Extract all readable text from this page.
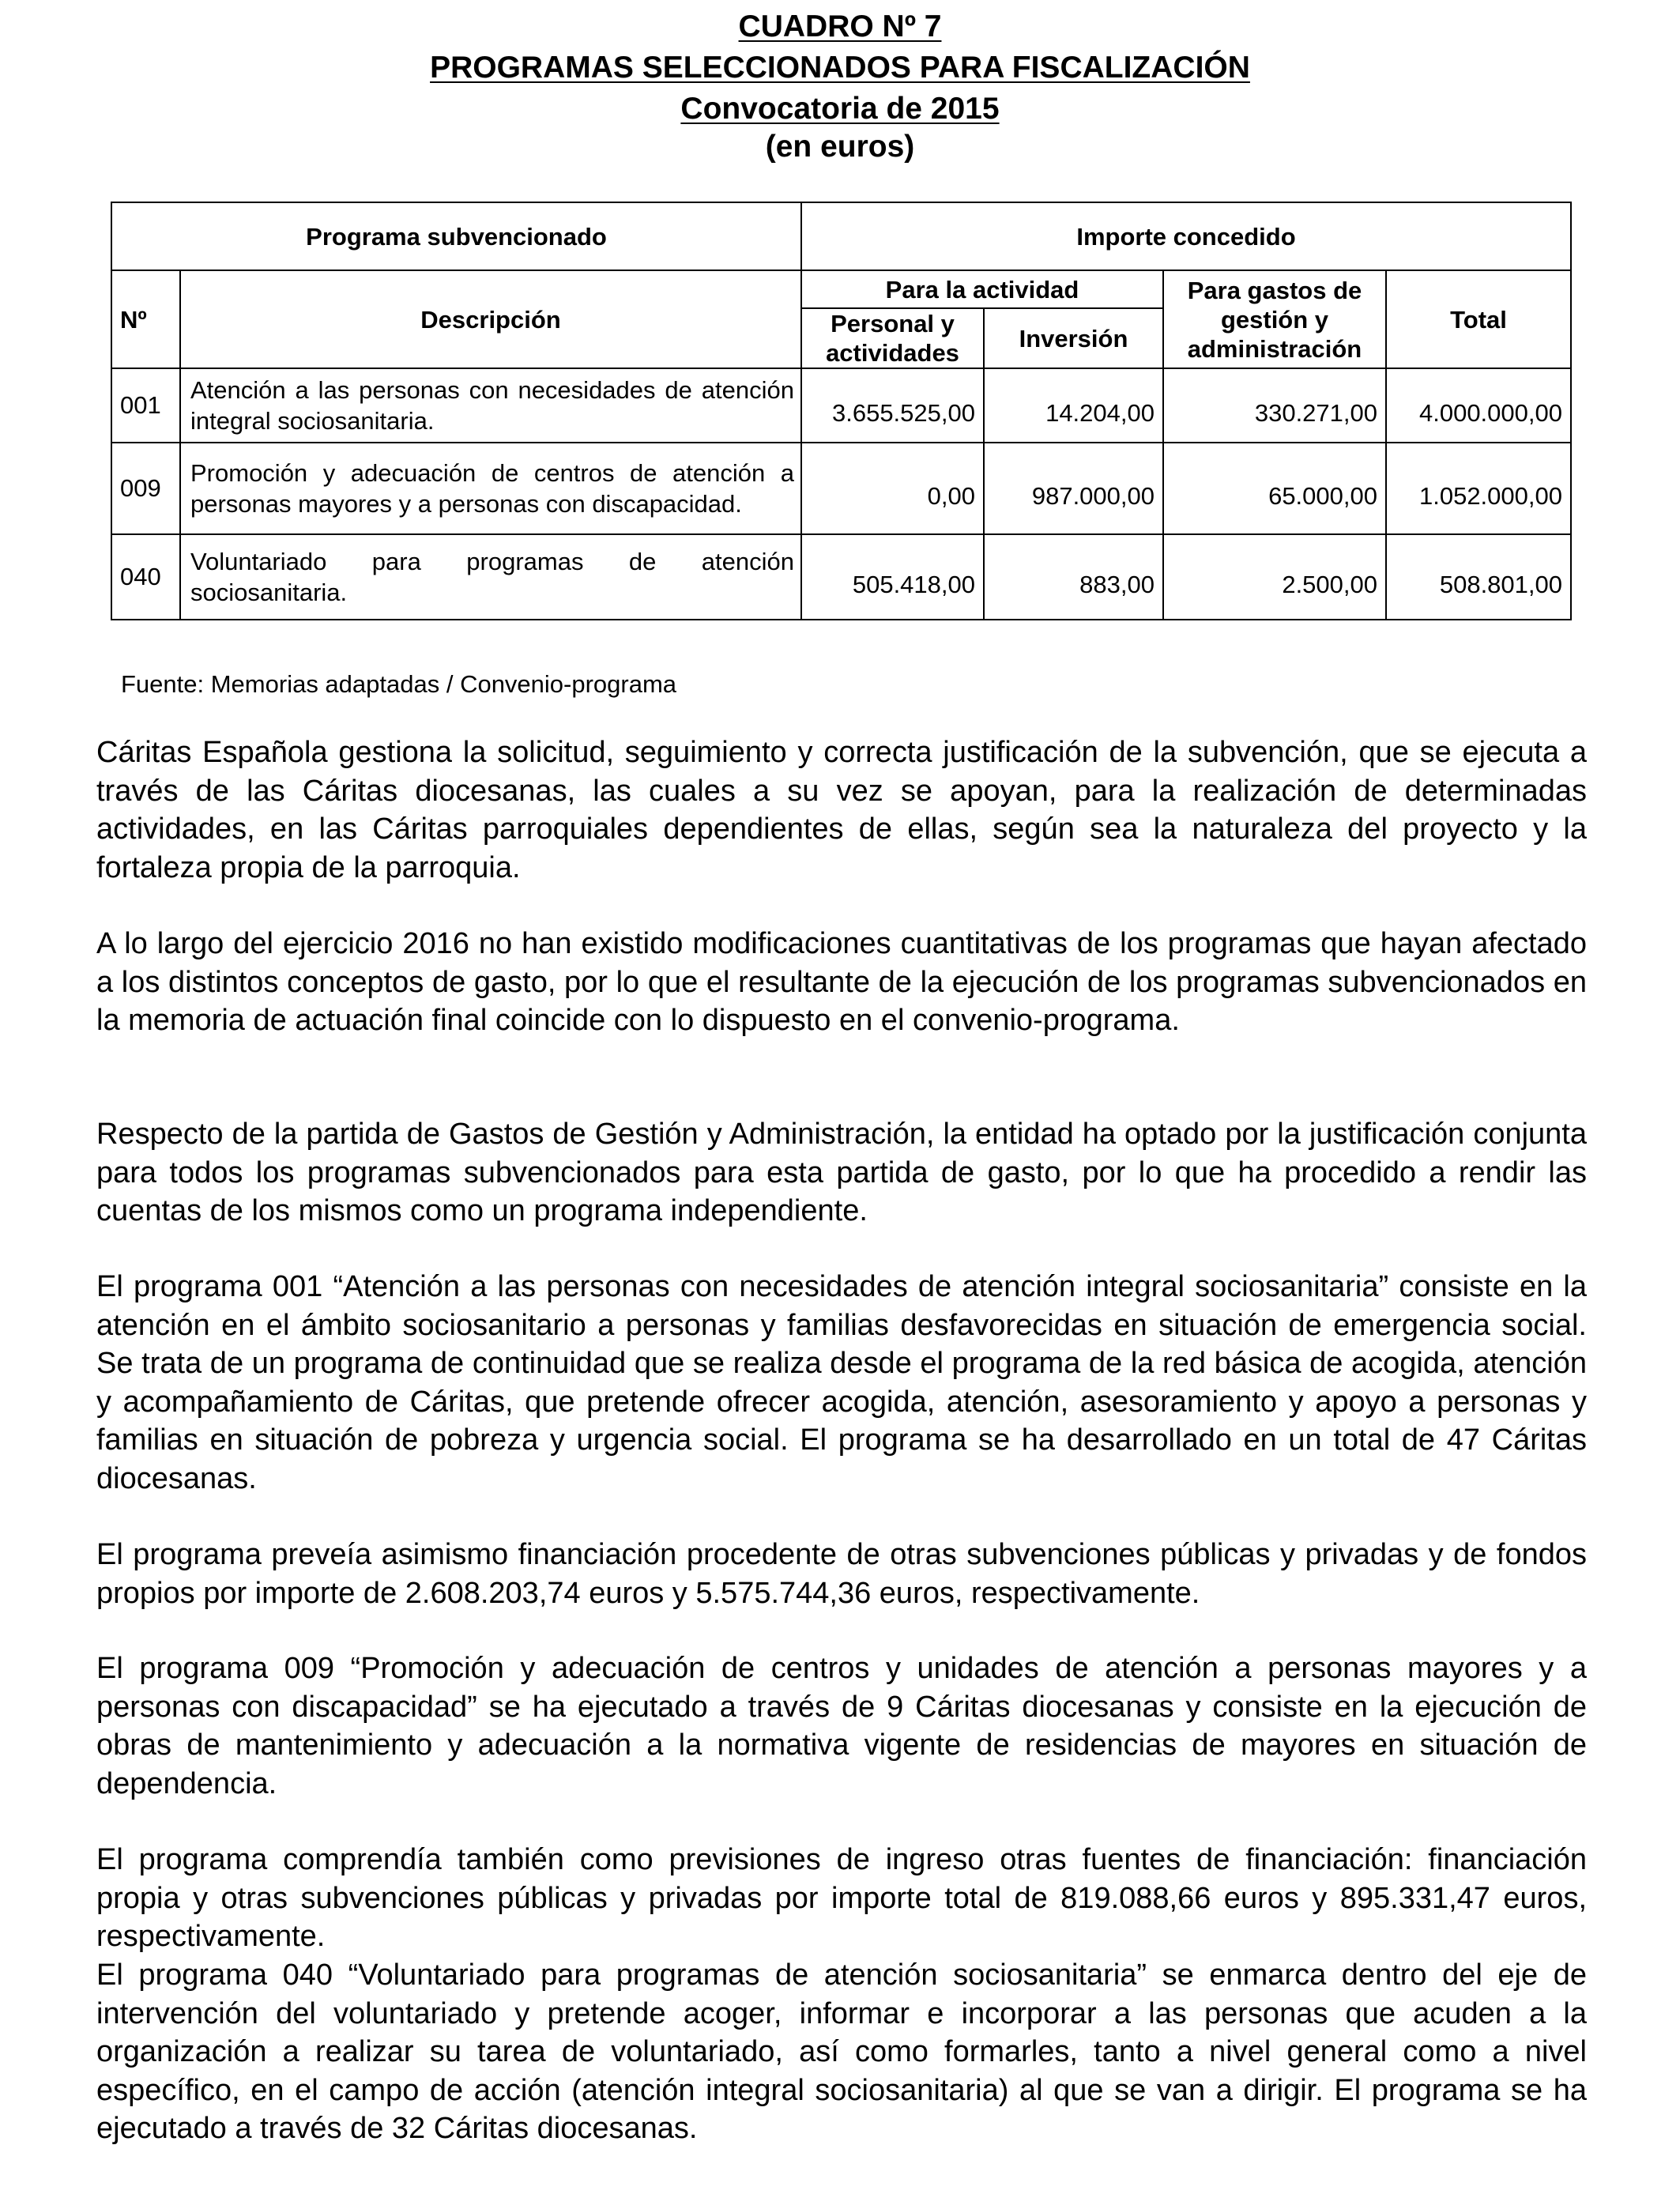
CUADRO Nº 7
PROGRAMAS SELECCIONADOS PARA FISCALIZACIÓN
Convocatoria de 2015
(en euros)
Programa subvencionado		Importe concedido			
Nº	Descripción	Para la actividad		Para gastos de gestión y administración	Total
		Personal y actividades	Inversión		
001	Atención a las personas con necesidades de atención integral sociosanitaria.	3.655.525,00	14.204,00	330.271,00	4.000.000,00
009	Promoción y adecuación de centros de atención a personas mayores y a personas con discapacidad.	0,00	987.000,00	65.000,00	1.052.000,00
040	Voluntariado para programas de atención sociosanitaria.	505.418,00	883,00	2.500,00	508.801,00
Fuente: Memorias adaptadas / Convenio-programa

Cáritas Española gestiona la solicitud, seguimiento y correcta justificación de la subvención, que se ejecuta a través de las Cáritas diocesanas, las cuales a su vez se apoyan, para la realización de determinadas actividades, en las Cáritas parroquiales dependientes de ellas, según sea la naturaleza del proyecto y la fortaleza propia de la parroquia.

A lo largo del ejercicio 2016 no han existido modificaciones cuantitativas de los programas que hayan afectado a los distintos conceptos de gasto, por lo que el resultante de la ejecución de los programas subvencionados en la memoria de actuación final coincide con lo dispuesto en el convenio-programa.

Respecto de la partida de Gastos de Gestión y Administración, la entidad ha optado por la justificación conjunta para todos los programas subvencionados para esta partida de gasto, por lo que ha procedido a rendir las cuentas de los mismos como un programa independiente.

El programa 001 “Atención a las personas con necesidades de atención integral sociosanitaria” consiste en la atención en el ámbito sociosanitario a personas y familias desfavorecidas en situación de emergencia social. Se trata de un programa de continuidad que se realiza desde el programa de la red básica de acogida, atención y acompañamiento de Cáritas, que pretende ofrecer acogida, atención, asesoramiento y apoyo a personas y familias en situación de pobreza y urgencia social. El programa se ha desarrollado en un total de 47 Cáritas diocesanas.

El programa preveía asimismo financiación procedente de otras subvenciones públicas y privadas y de fondos propios por importe de 2.608.203,74 euros y 5.575.744,36 euros, respectivamente.

El programa 009 “Promoción y adecuación de centros y unidades de atención a personas mayores y a personas con discapacidad” se ha ejecutado a través de 9 Cáritas diocesanas y consiste en la ejecución de obras de mantenimiento y adecuación a la normativa vigente de residencias de mayores en situación de dependencia.

El programa comprendía también como previsiones de ingreso otras fuentes de financiación: financiación propia y otras subvenciones públicas y privadas por importe total de 819.088,66 euros y 895.331,47 euros, respectivamente.

El programa 040 “Voluntariado para programas de atención sociosanitaria” se enmarca dentro del eje de intervención del voluntariado y pretende acoger, informar e incorporar a las personas que acuden a la organización a realizar su tarea de voluntariado, así como formarles, tanto a nivel general como a nivel específico, en el campo de acción (atención integral sociosanitaria) al que se van a dirigir. El programa se ha ejecutado a través de 32 Cáritas diocesanas.
